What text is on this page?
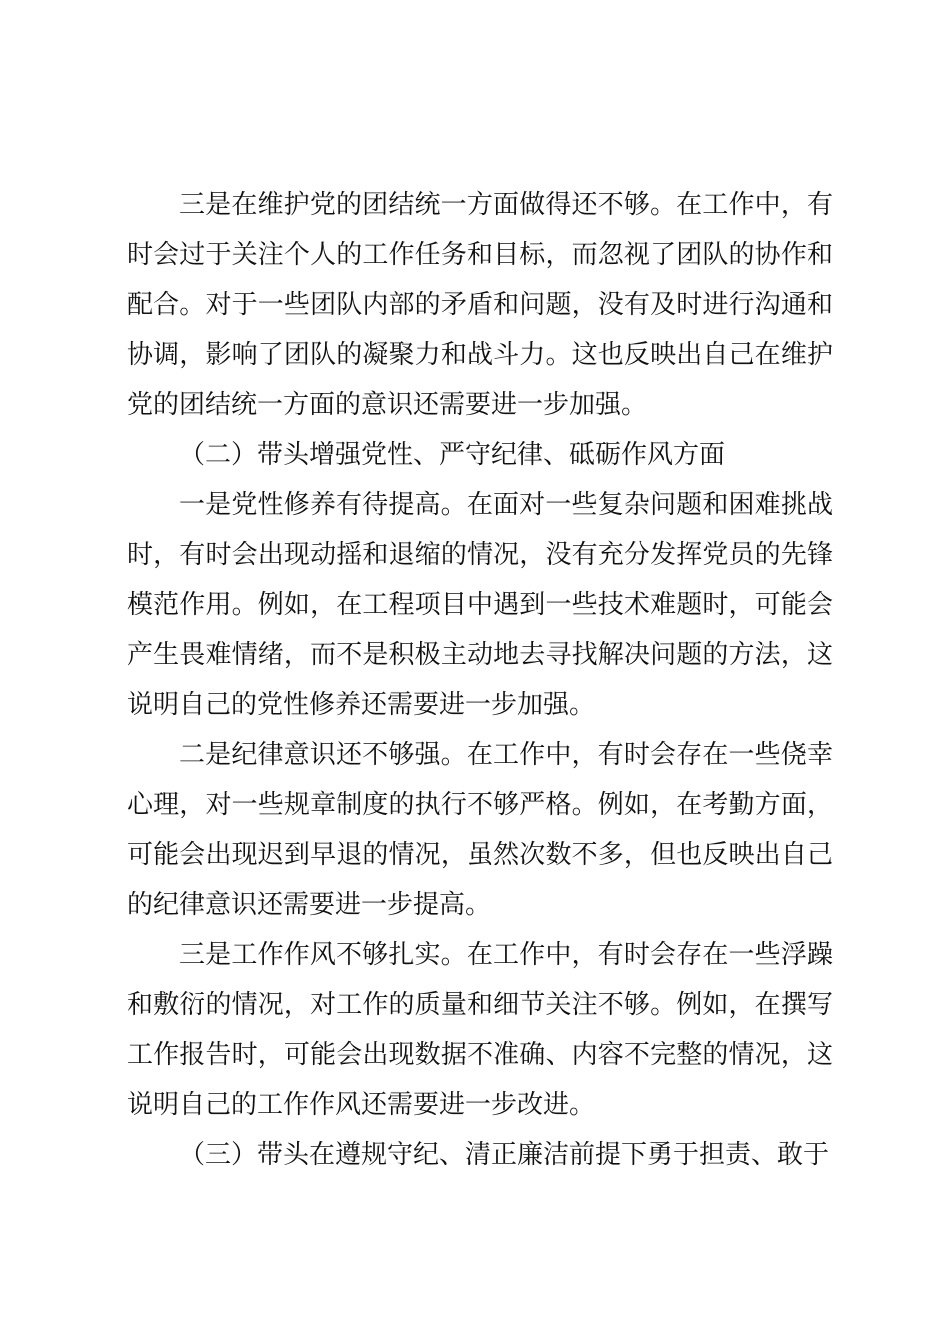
三是在维护党的团结统一方面做得还不够。在工作中，有时会过于关注个人的工作任务和目标，而忽视了团队的协作和配合。对于一些团队内部的矛盾和问题，没有及时进行沟通和协调，影响了团队的凝聚力和战斗力。这也反映出自己在维护党的团结统一方面的意识还需要进一步加强。

（二）带头增强党性、严守纪律、砥砺作风方面

一是党性修养有待提高。在面对一些复杂问题和困难挑战时，有时会出现动摇和退缩的情况，没有充分发挥党员的先锋模范作用。例如，在工程项目中遇到一些技术难题时，可能会产生畏难情绪，而不是积极主动地去寻找解决问题的方法，这说明自己的党性修养还需要进一步加强。

二是纪律意识还不够强。在工作中，有时会存在一些侥幸心理，对一些规章制度的执行不够严格。例如，在考勤方面，可能会出现迟到早退的情况，虽然次数不多，但也反映出自己的纪律意识还需要进一步提高。

三是工作作风不够扎实。在工作中，有时会存在一些浮躁和敷衍的情况，对工作的质量和细节关注不够。例如，在撰写工作报告时，可能会出现数据不准确、内容不完整的情况，这说明自己的工作作风还需要进一步改进。

（三）带头在遵规守纪、清正廉洁前提下勇于担责、敢于
